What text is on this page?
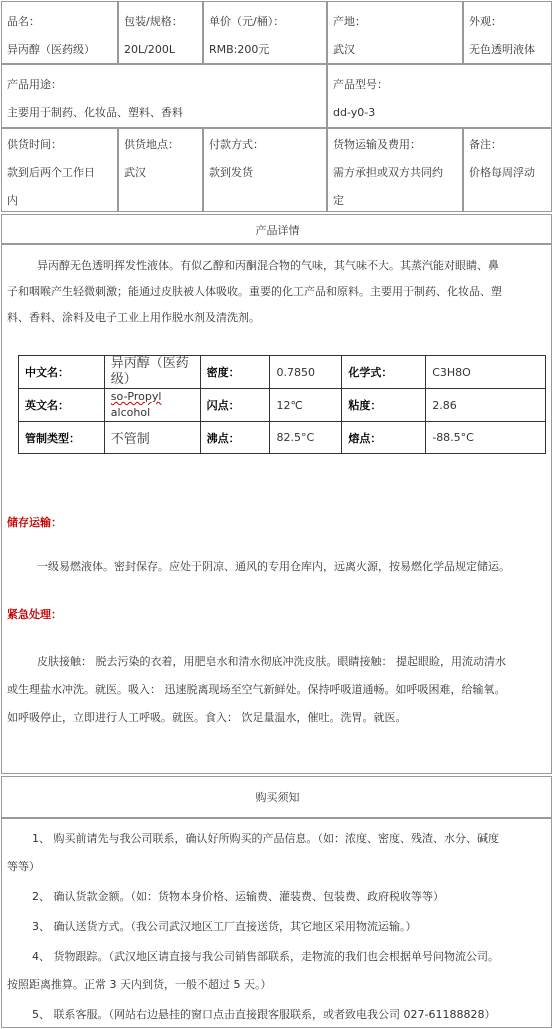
品名：
异丙醇（医药级）
包装/规格：
20L/200L
单价（元/桶）：
RMB:200元
产地：
武汉
外观：
无色透明液体
产品用途：
主要用于制药、化妆品、塑料、香料
产品型号：
dd-y0-3
供货时间：
款到后两个工作日
内
供货地点：
武汉
付款方式：
款到发货
货物运输及费用：
需方承担或双方共同约
定
备注：
价格每周浮动
产品详情
异丙醇无色透明挥发性液体。有似乙醇和丙酮混合物的气味，其气味不大。其蒸汽能对眼睛、鼻
子和咽喉产生轻微刺激；能通过皮肤被人体吸收。重要的化工产品和原料。主要用于制药、化妆品、塑
料、香料、涂料及电子工业上用作脱水剂及清洗剂。
储存运输：
一级易燃液体。密封保存。应处于阴凉、通风的专用仓库内，远离火源，按易燃化学品规定储运。
紧急处理：
皮肤接触： 脱去污染的衣着，用肥皂水和清水彻底冲洗皮肤。眼睛接触： 提起眼睑，用流动清水
或生理盐水冲洗。就医。吸入： 迅速脱离现场至空气新鲜处。保持呼吸道通畅。如呼吸困难，给输氧。
如呼吸停止，立即进行人工呼吸。就医。食入： 饮足量温水，催吐。洗胃。就医。
中文名：	异丙醇（医药
级）	密度：	0.7850	化学式：	C3H8O
英文名：	so-Propyl
alcohol	闪点：	12℃	粘度：	2.86
管制类型：	不管制	沸点：	82.5°C	熔点：	-88.5°C
购买须知
1、 购买前请先与我公司联系，确认好所购买的产品信息。（如：浓度、密度、残渣、水分、碱度
等等）
2、 确认货款金额。（如：货物本身价格、运输费、灌装费、包装费、政府税收等等）
3、 确认送货方式。（我公司武汉地区工厂直接送货，其它地区采用物流运输。）
4、 货物跟踪。（武汉地区请直接与我公司销售部联系，走物流的我们也会根据单号问物流公司。
按照距离推算。正常 3 天内到货，一般不超过 5 天。）
5、 联系客服。（网站右边悬挂的窗口点击直接跟客服联系，或者致电我公司 027-61188828）
